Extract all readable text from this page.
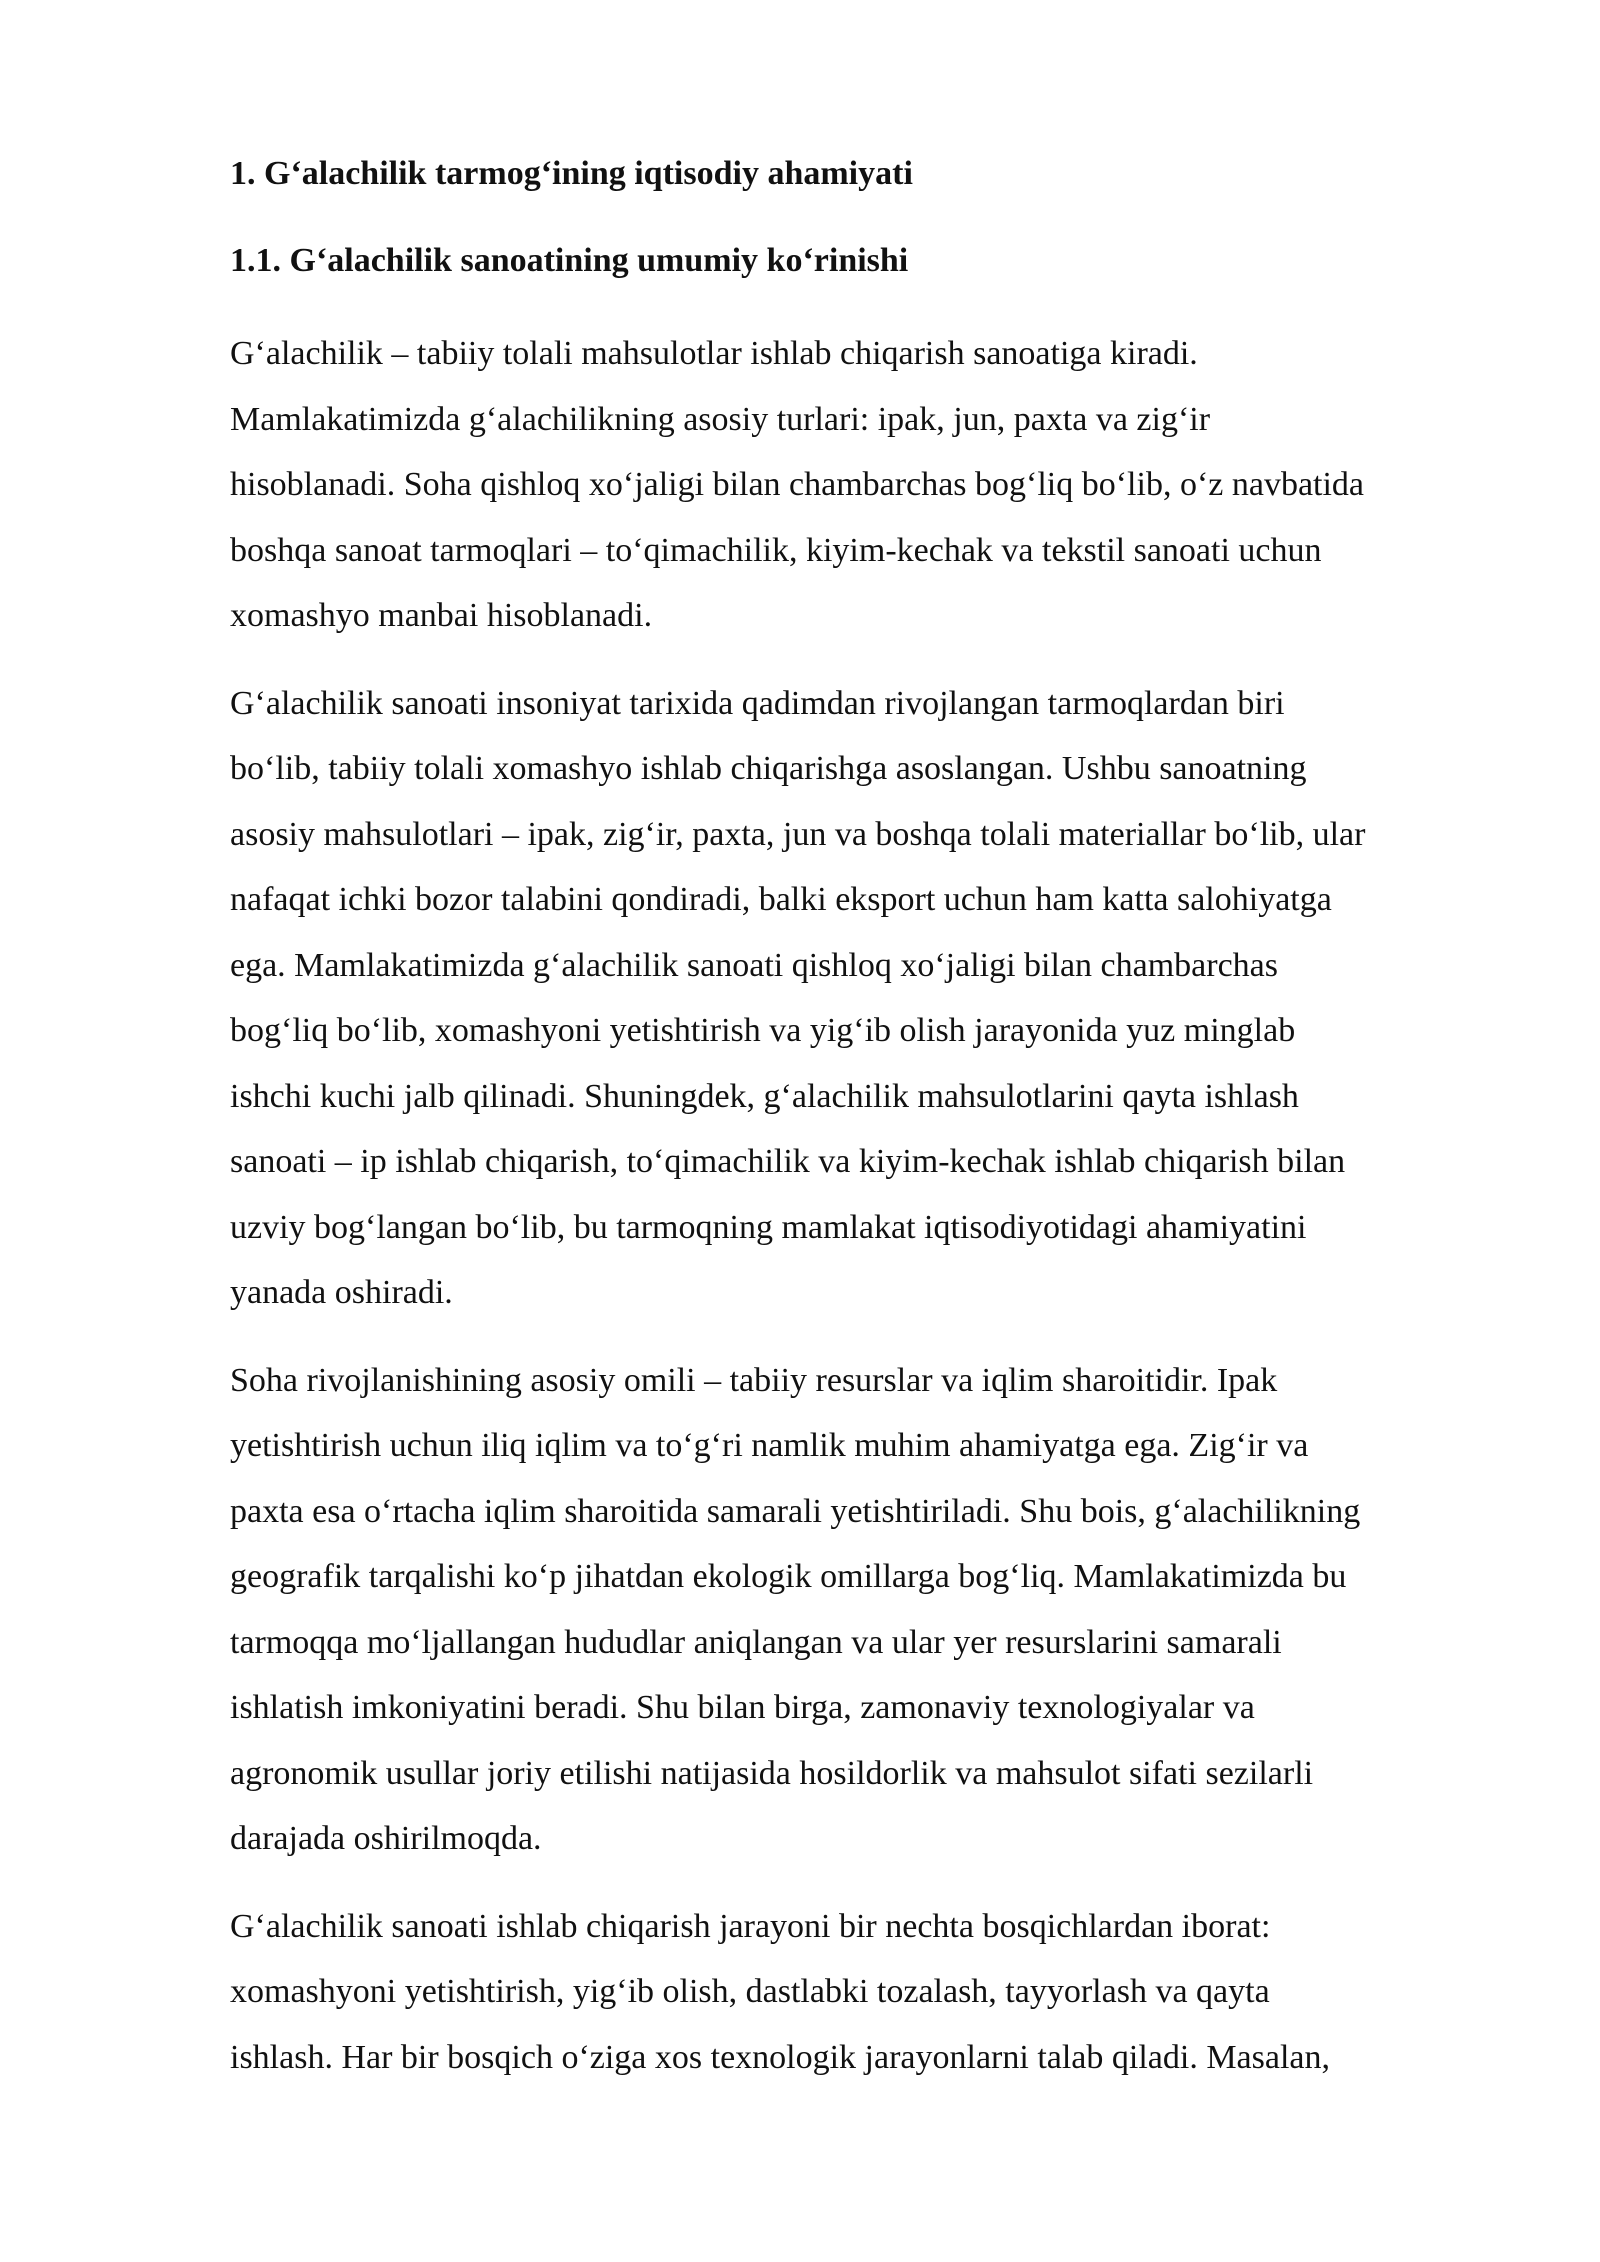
1. G‘alachilik tarmog‘ining iqtisodiy ahamiyati
1.1. G‘alachilik sanoatining umumiy ko‘rinishi
G‘alachilik – tabiiy tolali mahsulotlar ishlab chiqarish sanoatiga kiradi.
Mamlakatimizda g‘alachilikning asosiy turlari: ipak, jun, paxta va zig‘ir
hisoblanadi. Soha qishloq xo‘jaligi bilan chambarchas bog‘liq bo‘lib, o‘z navbatida
boshqa sanoat tarmoqlari – to‘qimachilik, kiyim-kechak va tekstil sanoati uchun
xomashyo manbai hisoblanadi.
G‘alachilik sanoati insoniyat tarixida qadimdan rivojlangan tarmoqlardan biri
bo‘lib, tabiiy tolali xomashyo ishlab chiqarishga asoslangan. Ushbu sanoatning
asosiy mahsulotlari – ipak, zig‘ir, paxta, jun va boshqa tolali materiallar bo‘lib, ular
nafaqat ichki bozor talabini qondiradi, balki eksport uchun ham katta salohiyatga
ega. Mamlakatimizda g‘alachilik sanoati qishloq xo‘jaligi bilan chambarchas
bog‘liq bo‘lib, xomashyoni yetishtirish va yig‘ib olish jarayonida yuz minglab
ishchi kuchi jalb qilinadi. Shuningdek, g‘alachilik mahsulotlarini qayta ishlash
sanoati – ip ishlab chiqarish, to‘qimachilik va kiyim-kechak ishlab chiqarish bilan
uzviy bog‘langan bo‘lib, bu tarmoqning mamlakat iqtisodiyotidagi ahamiyatini
yanada oshiradi.
Soha rivojlanishining asosiy omili – tabiiy resurslar va iqlim sharoitidir. Ipak
yetishtirish uchun iliq iqlim va to‘g‘ri namlik muhim ahamiyatga ega. Zig‘ir va
paxta esa o‘rtacha iqlim sharoitida samarali yetishtiriladi. Shu bois, g‘alachilikning
geografik tarqalishi ko‘p jihatdan ekologik omillarga bog‘liq. Mamlakatimizda bu
tarmoqqa mo‘ljallangan hududlar aniqlangan va ular yer resurslarini samarali
ishlatish imkoniyatini beradi. Shu bilan birga, zamonaviy texnologiyalar va
agronomik usullar joriy etilishi natijasida hosildorlik va mahsulot sifati sezilarli
darajada oshirilmoqda.
G‘alachilik sanoati ishlab chiqarish jarayoni bir nechta bosqichlardan iborat:
xomashyoni yetishtirish, yig‘ib olish, dastlabki tozalash, tayyorlash va qayta
ishlash. Har bir bosqich o‘ziga xos texnologik jarayonlarni talab qiladi. Masalan,
